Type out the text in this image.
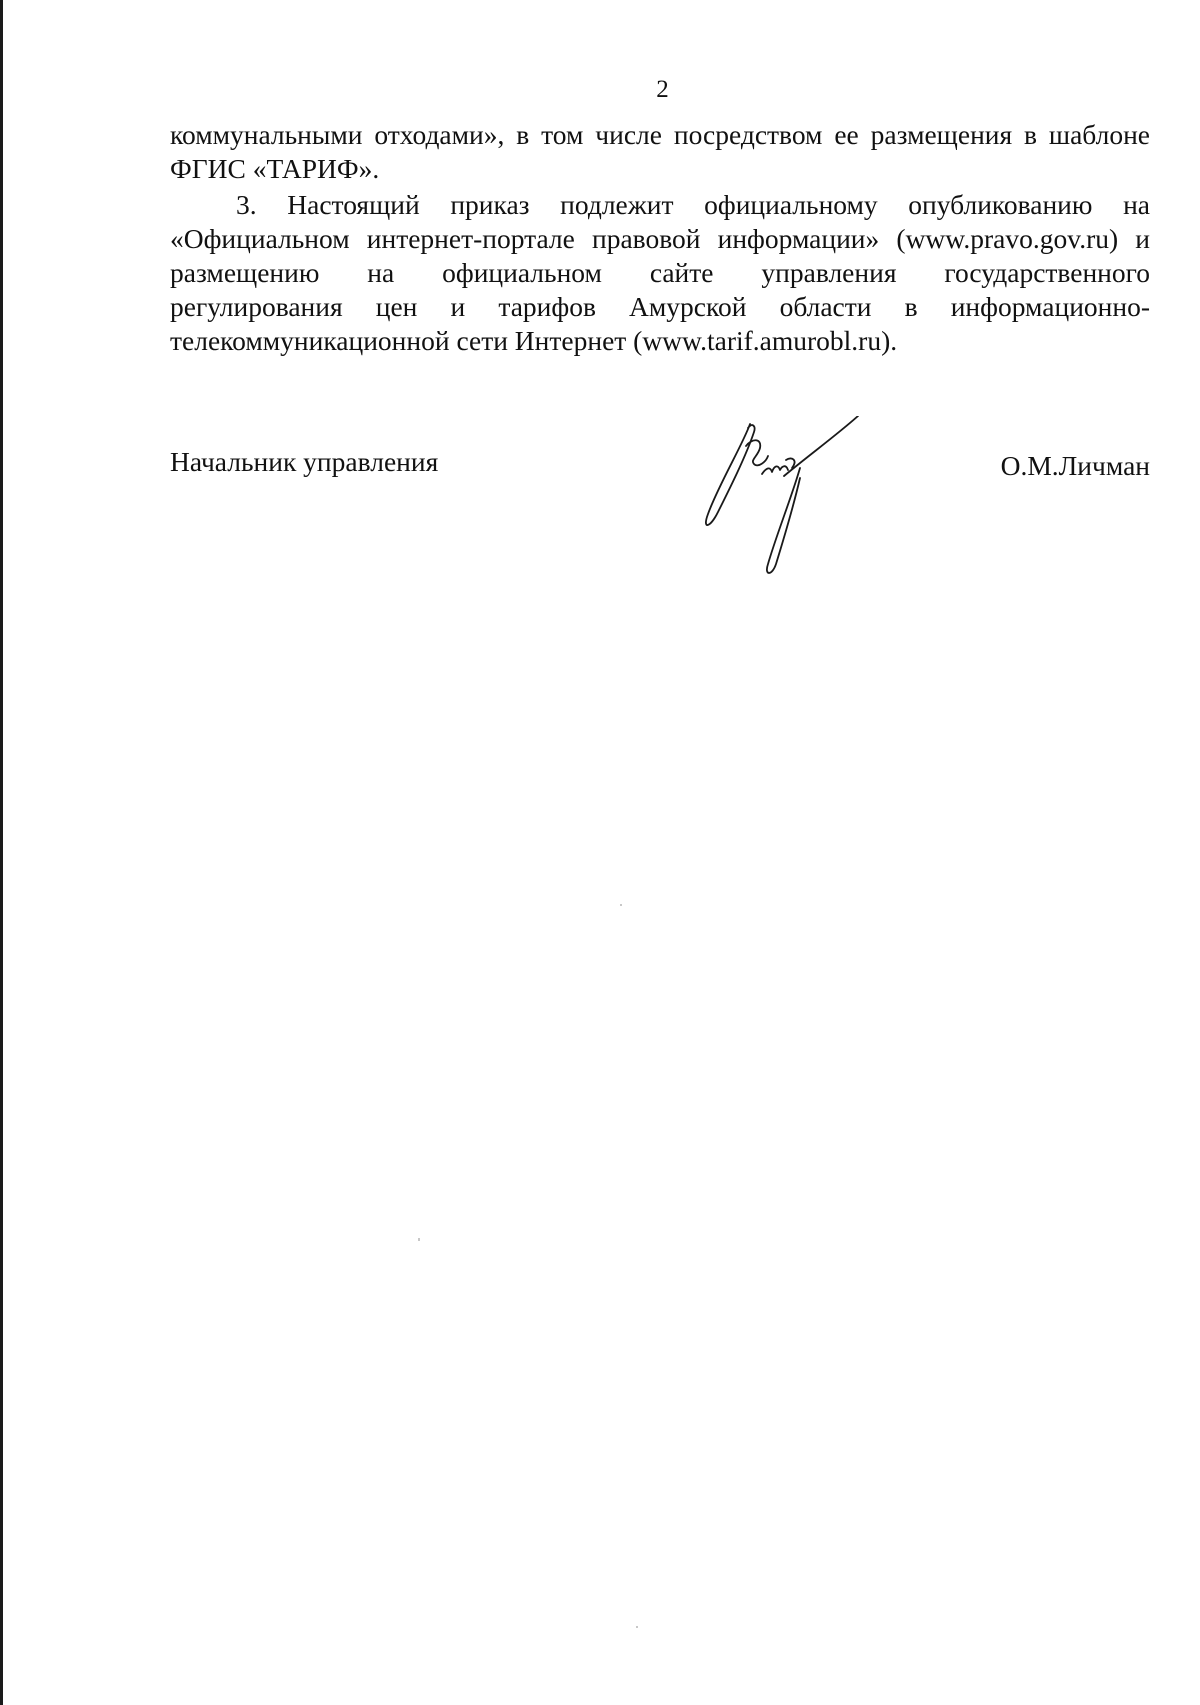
2

коммунальными отходами», в том числе посредством ее размещения в шаблоне
ФГИС «ТАРИФ».

3. Настоящий приказ подлежит официальному опубликованию на
«Официальном интернет-портале правовой информации» (www.pravo.gov.ru) и
размещению на официальном сайте управления государственного
регулирования цен и тарифов Амурской области в информационно-
телекоммуникационной сети Интернет (www.tarif.amurobl.ru).

Начальник управления	О.М.Личман
